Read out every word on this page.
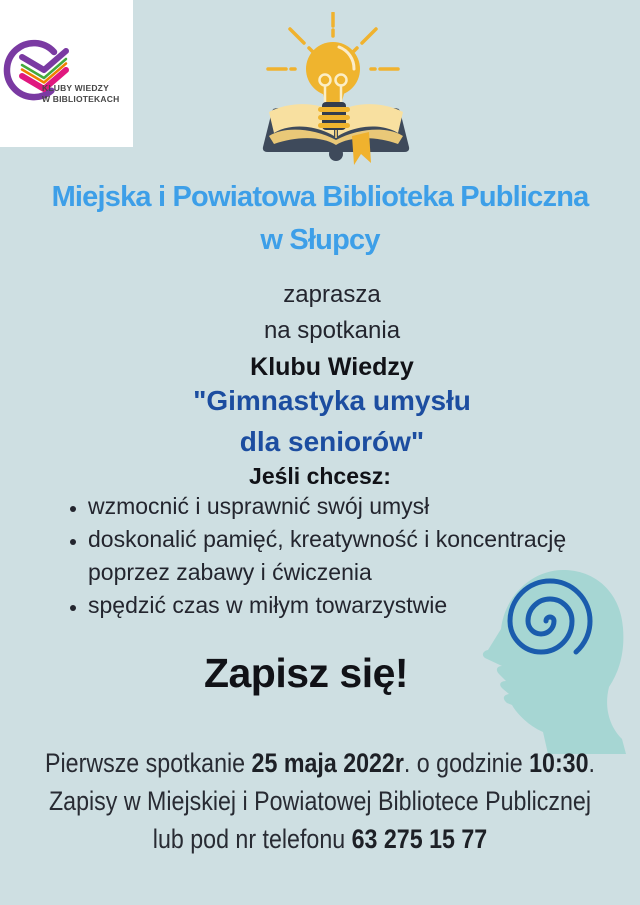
KLUBY WIEDZY
W BIBLIOTEKACH
Miejska i Powiatowa Biblioteka Publiczna
w Słupcy
zaprasza
na spotkania
Klubu Wiedzy
"Gimnastyka umysłu
dla seniorów"
Jeśli chcesz:
• wzmocnić i usprawnić swój umysł
• doskonalić pamięć, kreatywność i koncentrację poprzez zabawy i ćwiczenia
• spędzić czas w miłym towarzystwie
Zapisz się!
Pierwsze spotkanie 25 maja 2022r. o godzinie 10:30.
Zapisy w Miejskiej i Powiatowej Bibliotece Publicznej
lub pod nr telefonu 63 275 15 77
